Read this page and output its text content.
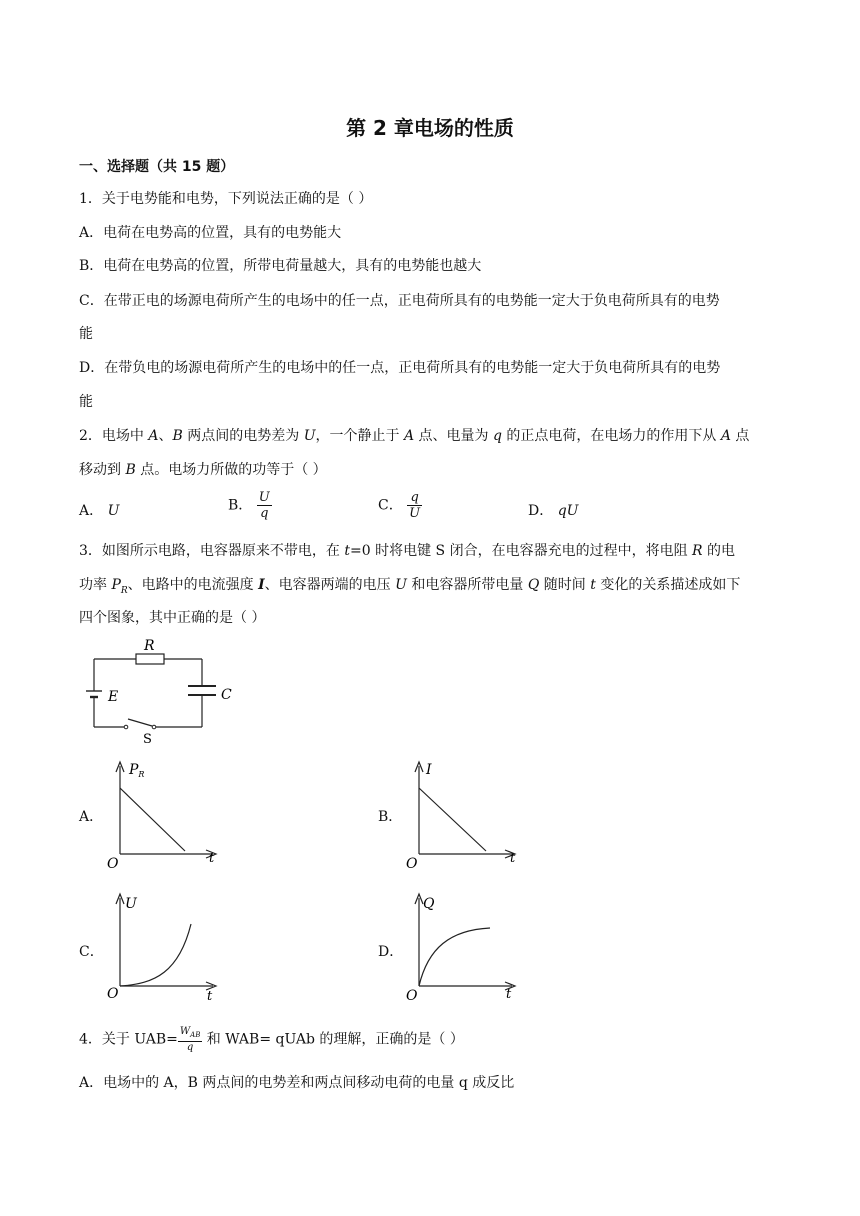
第 2 章电场的性质
一、选择题（共 15 题）
1．关于电势能和电势，下列说法正确的是（ ）
A．电荷在电势高的位置，具有的电势能大
B．电荷在电势高的位置，所带电荷量越大，具有的电势能也越大
C．在带正电的场源电荷所产生的电场中的任一点，正电荷所具有的电势能一定大于负电荷所具有的电势
能
D．在带负电的场源电荷所产生的电场中的任一点，正电荷所具有的电势能一定大于负电荷所具有的电势
能
2．电场中 A、B 两点间的电势差为 U，一个静止于 A 点、电量为 q 的正点电荷，在电场力的作用下从 A 点
移动到 B 点。电场力所做的功等于（ ）
A． U	B． $\frac{U}{q}$	C． $\frac{q}{U}$	D． qU
3．如图所示电路，电容器原来不带电，在 t=0 时将电键 S 闭合，在电容器充电的过程中，将电阻 R 的电
功率 $P_R$、电路中的电流强度 I、电容器两端的电压 U 和电容器所带电量 Q 随时间 t 变化的关系描述成如下
四个图象，其中正确的是（ ）
R
E	C
S
A．
$P_R$
t
O
B．
I
t
O
C．
U
t
O
D．
Q
t
O
4．关于 $UAB= \frac{W_{AB}}{q}$ 和 WAB= qUAb 的理解，正确的是（ ）
A．电场中的 A，B 两点间的电势差和两点间移动电荷的电量 q 成反比
